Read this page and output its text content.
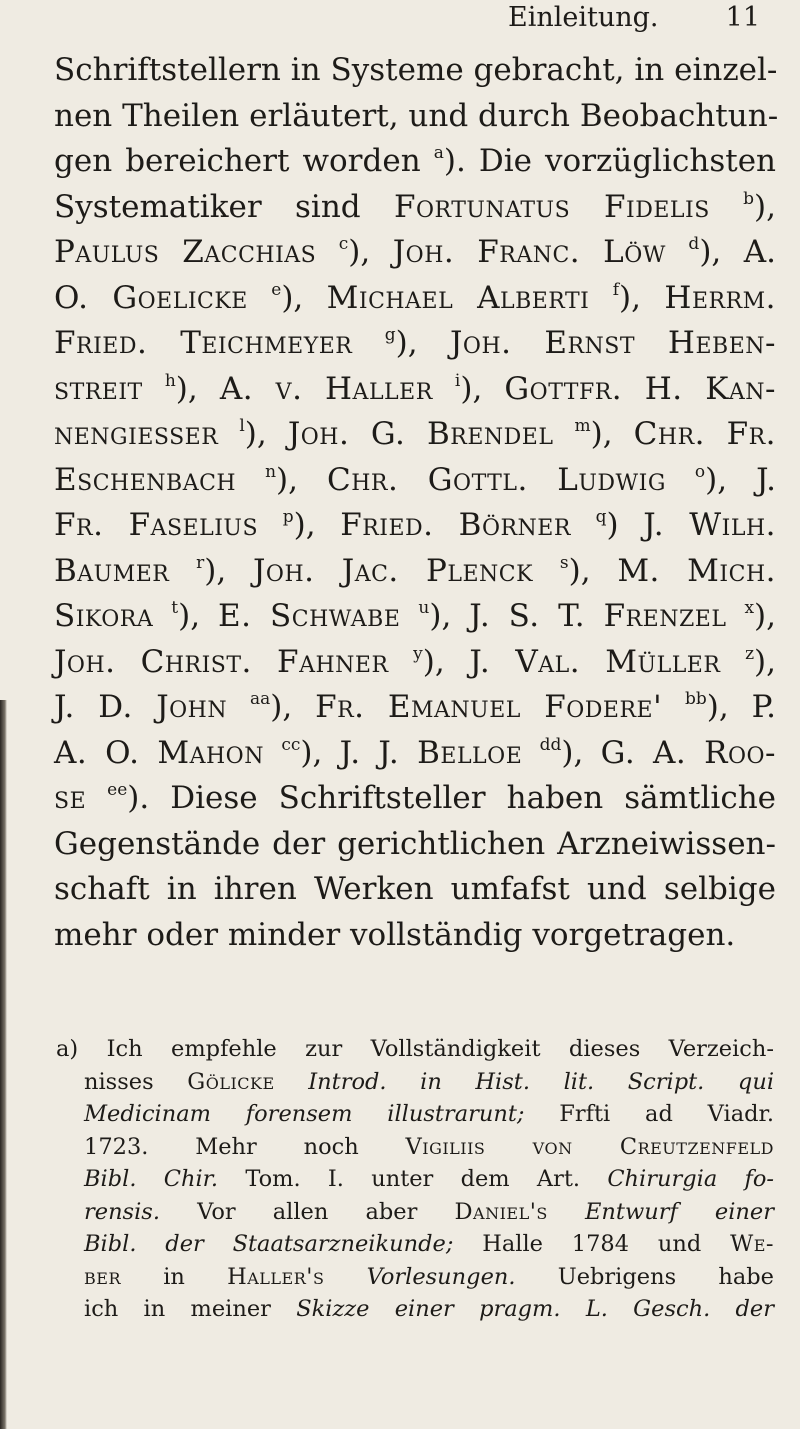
Einleitung. 11
Schriftstellern in Systeme gebracht, in einzel-
nen Theilen erläutert, und durch Beobachtun-
gen bereichert worden $^a$). Die vorzüglichsten
Systematiker sind Fortunatus Fidelis $^b$),
Paulus Zacchias $^c$), Joh. Franc. Löw $^d$), A.
O. Goelicke $^e$), Michael Alberti $^f$), Herrm.
Fried. Teichmeyer $^g$), Joh. Ernst Heben-
streit $^h$), A. v. Haller $^i$), Gottfr. H. Kan-
nengiesser $^l$), Joh. G. Brendel $^m$), Chr. Fr.
Eschenbach $^n$), Chr. Gottl. Ludwig $^o$), J.
Fr. Faselius $^p$), Fried. Börner $^q$) J. Wilh.
Baumer $^r$), Joh. Jac. Plenck $^s$), M. Mich.
Sikora $^t$), E. Schwabe $^u$), J. S. T. Frenzel $^x$),
Joh. Christ. Fahner $^y$), J. Val. Müller $^z$),
J. D. John $^{aa}$), Fr. Emanuel Fodere' $^{bb}$), P.
A. O. Mahon $^{cc}$), J. J. Belloe $^{dd}$), G. A. Roo-
se $^{ee}$). Diese Schriftsteller haben sämtliche
Gegenstände der gerichtlichen Arzneiwissen-
schaft in ihren Werken umfafst und selbige
mehr oder minder vollständig vorgetragen.
a) Ich empfehle zur Vollständigkeit dieses Verzeich-
nisses Gölicke Introd. in Hist. lit. Script. qui
Medicinam forensem illustrarunt; Frfti ad Viadr.
1723. Mehr noch Vigiliis von Creutzenfeld
Bibl. Chir. Tom. I. unter dem Art. Chirurgia fo-
rensis. Vor allen aber Daniel's Entwurf einer
Bibl. der Staatsarzneikunde; Halle 1784 und We-
ber in Haller's Vorlesungen. Uebrigens habe
ich in meiner Skizze einer pragm. L. Gesch. der
